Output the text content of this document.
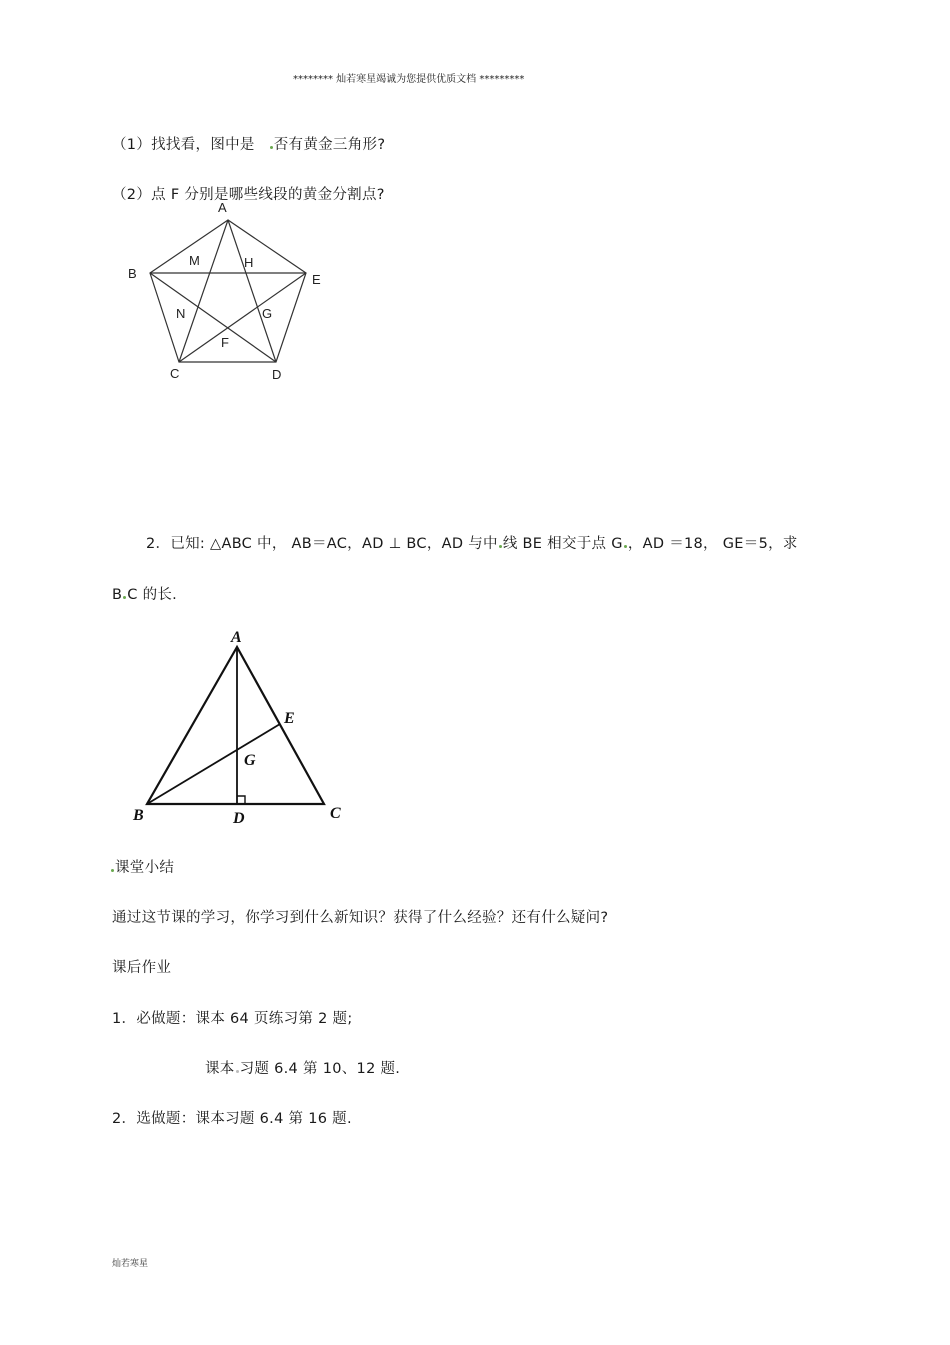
******** 灿若寒星竭诚为您提供优质文档 *********
（1）找找看，图中是 否有黄金三角形?
（2）点 F 分别是哪些线段的黄金分割点?
A
B	E
C	D
M	H
N	G
F
2．已知: △ABC 中， AB＝AC，AD ⊥ BC，AD 与中 线 BE 相交于点 G ，AD ＝18， GE＝5，求
B C 的长.
A
B	C
D
E
G
课堂小结
通过这节课的学习，你学习到什么新知识？获得了什么经验？还有什么疑问?
课后作业
1．必做题：课本 64 页练习第 2 题;
课本 习题 6.4 第 10、12 题.
2．选做题：课本习题 6.4 第 16 题.
灿若寒星
